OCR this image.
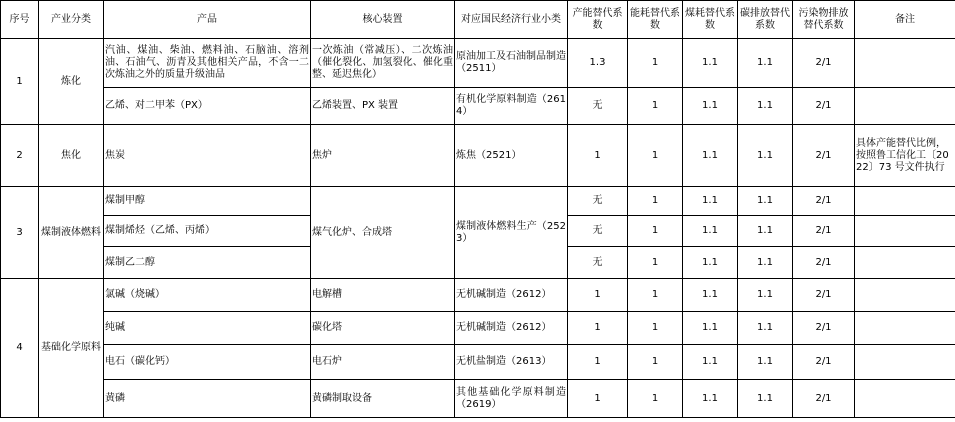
序号	产业分类	产品	核心装置	对应国民经济行业小类	产能替代系数	能耗替代系数	煤耗替代系数	碳排放替代系数	污染物排放替代系数	备注
1	炼化	汽油、煤油、柴油、燃料油、石脑油、溶剂油、石油气、沥青及其他相关产品，不含一二次炼油之外的质量升级油品	一次炼油（常减压）、二次炼油（催化裂化、加氢裂化、催化重整、延迟焦化）	原油加工及石油制品制造（2511）	1.3	1	1.1	1.1	2/1	
		乙烯、对二甲苯（PX）	乙烯装置、PX 装置	有机化学原料制造（2614）	无	1	1.1	1.1	2/1	
2	焦化	焦炭	焦炉	炼焦（2521）	1	1	1.1	1.1	2/1	具体产能替代比例，按照鲁工信化工〔2022〕73 号文件执行
3	煤制液体燃料	煤制甲醇	煤气化炉、合成塔	煤制液体燃料生产（2523）	无	1	1.1	1.1	2/1	
		煤制烯烃（乙烯、丙烯）			无	1	1.1	1.1	2/1	
		煤制乙二醇			无	1	1.1	1.1	2/1	
4	基础化学原料	氯碱（烧碱）	电解槽	无机碱制造（2612）	1	1	1.1	1.1	2/1	
		纯碱	碳化塔	无机碱制造（2612）	1	1	1.1	1.1	2/1	
		电石（碳化钙）	电石炉	无机盐制造（2613）	1	1	1.1	1.1	2/1	
		黄磷	黄磷制取设备	其他基础化学原料制造（2619）	1	1	1.1	1.1	2/1	
